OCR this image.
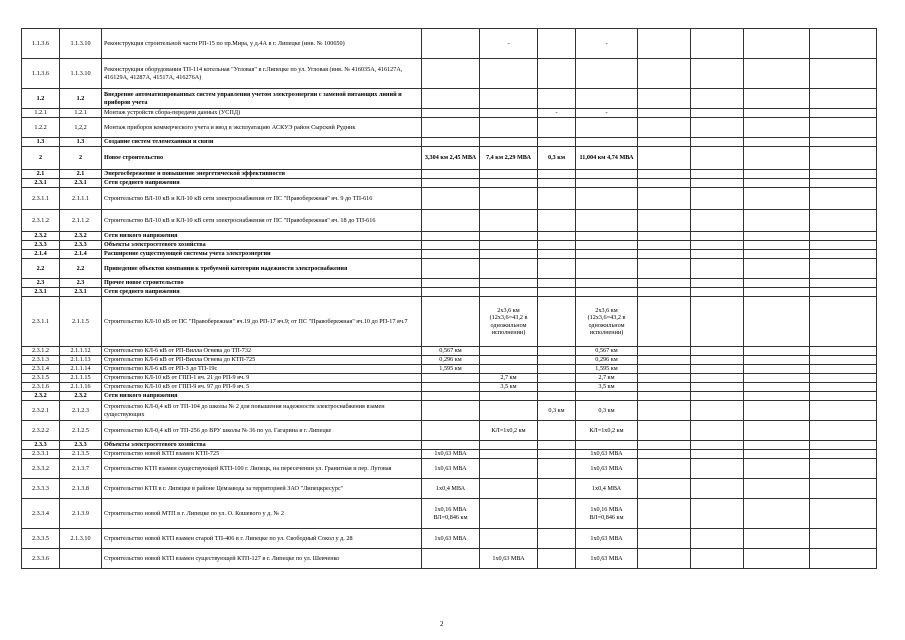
1.1.3.6	1.1.3.10	Реконструкция строительной части РП-15 по пр.Мира, у д.4А в г. Липецке (инв. № 100650)		-		-				
1.1.3.6	1.1.3.10	Реконструкция оборудования ТП-114 котельная "Угловая" в г.Липецке по ул. Угловая (инв. № 416035А, 416127А, 416129А, 41287А, 41517А, 416276А)								
1.2	1.2	Внедрение автоматизированных систем управления учетом электроэнергии с заменой питающих линий и приборов учета								
1.2.1	1.2.1	Монтаж устройств сбора-передачи данных (УСПД)			-	-				
1.2.2	1,2,2	Монтаж приборов коммерческого учета и ввод в эксплуатацию АСКУЭ район Сырский Рудник								
1.3	1.3	Создание систем телемеханики и связи								
2	2	Новое строительство	3,304 км 2,45 МВА	7,4 км 2,29 МВА	0,3 км	11,004 км 4,74 МВА				
2.1	2.1	Энергосбережение и повышение энергетической эффективности								
2.3.1	2.3.1	Сети среднего напряжения								
2.3.1.1	2.1.1.1	Строительство ВЛ-10 кВ и КЛ-10 кВ сети электроснабжения от ПС "Правобережная" яч. 9 до ТП-616								
2.3.1.2	2.1.1.2	Строительство ВЛ-10 кВ и КЛ-10 кВ сети электроснабжения от ПС "Правобережная" яч. 18 до ТП-616								
2.3.2	2.3.2	Сети низкого напряжения								
2.3.3	2.3.3	Объекты электросетевого хозяйства								
2.1.4	2.1.4	Расширение существующей системы учета электроэнергии								
2.2	2.2	Приведение объектов компании к требуемой категории надежности электроснабжения								
2.3	2.3	Прочее новое строительство								
2.3.1	2.3.1	Сети среднего напряжения								
2.3.1.1	2.1.1.5	Строительство КЛ-10 кВ от ПС "Правобережная" яч.19 до РП-17 яч.9; от ПС "Правобережная" яч.10 до РП-17 яч.7		2х3,6 км (12х3,6=43,2 в одножильном исполнении)		2х3,6 км (12х3,6=43,2 в одножильном исполнении)				
2.3.1.2	2.1.1.12	Строительство КЛ-6 кВ от РП-Вилла Огнева до ТП-732	0,567 км			0,567 км				
2.3.1.3	2.1.1.13	Строительство КЛ-6 кВ от РП-Вилла Огнева до КТП-725	0,296 км			0,296 км				
2.3.1.4	2.1.1.14	Строительство КЛ-6 кВ от РП-3 до ТП-19с	1,595 км			1,595 км				
2.3.1.5	2.1.1.15	Строительство КЛ-10 кВ от ГПП-1 яч. 21 до РП-9 яч. 9		2,7 км		2,7 км				
2.3.1.6	2.1.1.16	Строительство КЛ-10 кВ от ГПП-9 яч. 97 до РП-9 яч. 5		3,5 км		3,5 км				
2.3.2	2.3.2	Сети низкого напряжения								
2.3.2.1	2.1.2.3	Строительство КЛ-0,4 кВ от ТП-104 до школы № 2 для повышения надежности электроснабжения взамен существующих			0,3 км	0,3 км				
2.3.2.2	2.1.2.5	Строительство КЛ-0,4 кВ от ТП-256 до ВРУ школы № 36 по ул. Гагарина в г. Липецке		КЛ=1х0,2 км		КЛ=1х0,2 км				
2.3.3	2.3.3	Объекты электросетевого хозяйства								
2.3.3.1	2.1.3.5	Строительство новой КТП взамен КТП-725	1х0,63 МВА			1х0,63 МВА				
2.3.3.2	2.1.3.7	Строительство КТП взамен существующей КТП-100 г. Липецк, на пересечении ул. Гранитная и пер. Луговая	1х0,63 МВА			1х0,63 МВА				
2.3.3.3	2.1.3.8	Строительство КТП в г. Липецке в районе Цемзавода за территорией ЗАО "Липецкресурс"	1х0,4 МВА			1х0,4 МВА				
2.3.3.4	2.1.3.9	Строительство новой МТП в г. Липецке по ул. О. Кошевого у д. № 2	1х0,16 МВА ВЛ=0,846 км			1х0,16 МВА ВЛ=0,846 км				
2.3.3.5	2.1.3.10	Строительство новой КТП взамен старой ТП-406 в г. Липецке по ул. Свободный Сокол у д. 28	1х0,63 МВА			1х0,63 МВА				
2.3.3.6		Строительство новой КТП взамен существующей КТП-127 в г. Липецке по ул. Шевченко		1х0,63 МВА		1х0,63 МВА				
2
